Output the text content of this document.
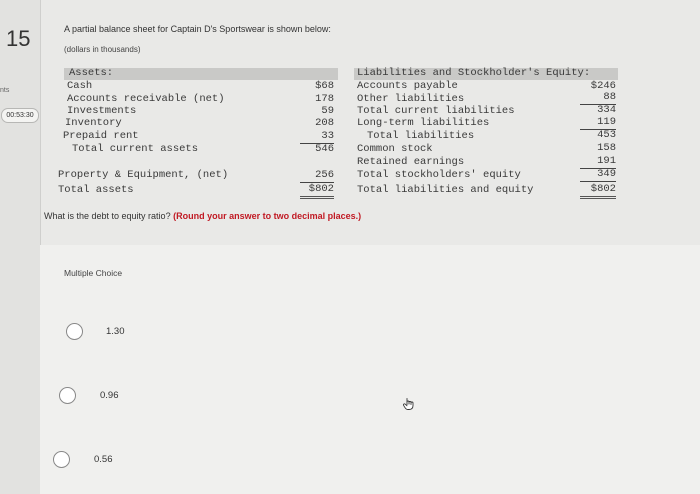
15
nts
00:53:30
A partial balance sheet for Captain D's Sportswear is shown below:
(dollars in thousands)
Assets:	Liabilities and Stockholder's Equity:
Cash
Accounts receivable (net)
Investments
Inventory
Prepaid rent
Total current assets
Property & Equipment, (net)
Total assets
$68
178
59
208
33
546
256
$802
Accounts payable
Other liabilities
Total current liabilities
Long-term liabilities
Total liabilities
Common stock
Retained earnings
Total stockholders' equity
Total liabilities and equity
$246
88
334
119
453
158
191
349
$802
What is the debt to equity ratio? (Round your answer to two decimal places.)
Multiple Choice
1.30
0.96
0.56
